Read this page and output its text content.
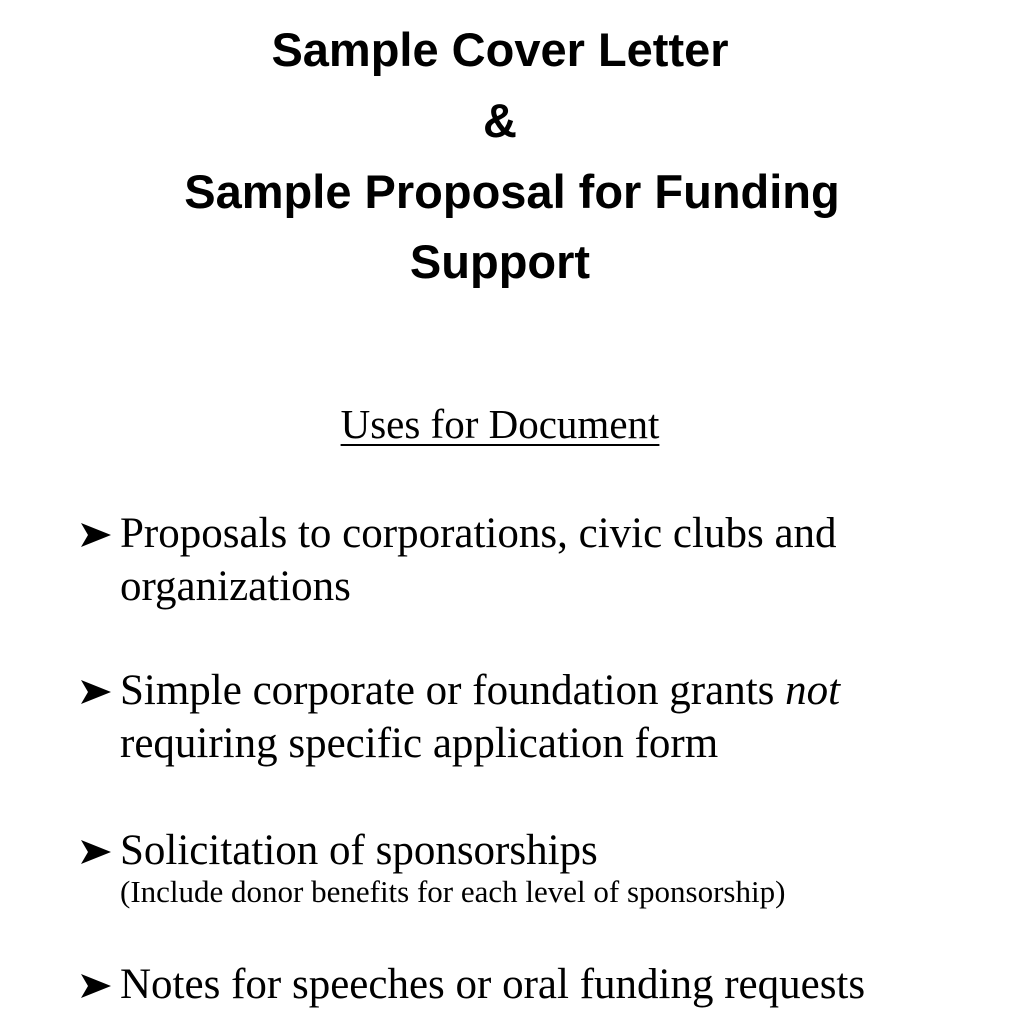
Sample Cover Letter
&
Sample Proposal for Funding
Support
Uses for Document
Proposals to corporations, civic clubs and
organizations
Simple corporate or foundation grants not
requiring specific application form
Solicitation of sponsorships
(Include donor benefits for each level of sponsorship)
Notes for speeches or oral funding requests
